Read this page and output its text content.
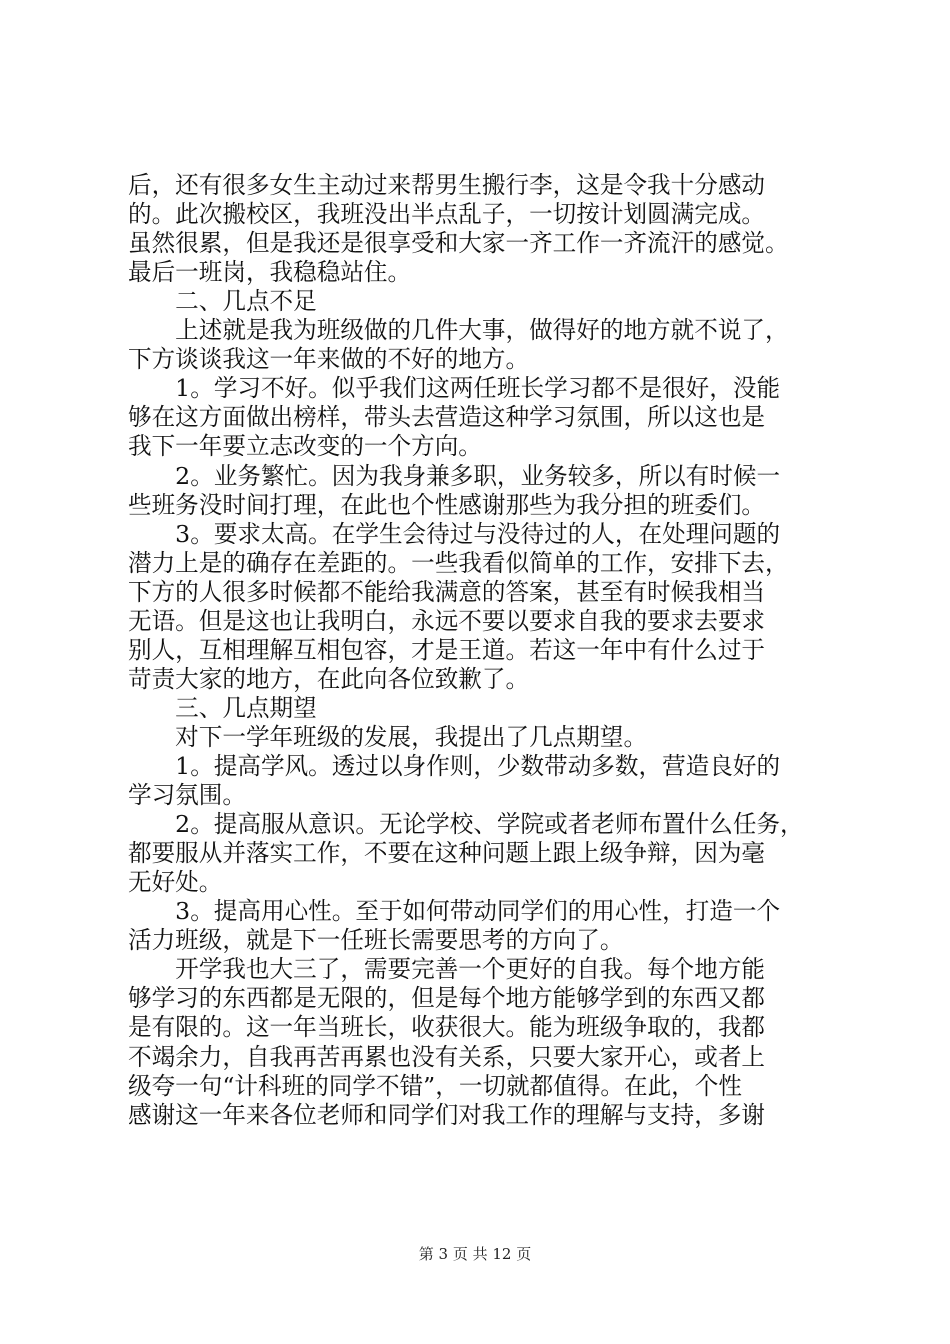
后，还有很多女生主动过来帮男生搬行李，这是令我十分感动
的。此次搬校区，我班没出半点乱子，一切按计划圆满完成。
虽然很累，但是我还是很享受和大家一齐工作一齐流汗的感觉。
最后一班岗，我稳稳站住。
　　二、几点不足
　　上述就是我为班级做的几件大事，做得好的地方就不说了，
下方谈谈我这一年来做的不好的地方。
　　1。学习不好。似乎我们这两任班长学习都不是很好，没能
够在这方面做出榜样，带头去营造这种学习氛围，所以这也是
我下一年要立志改变的一个方向。
　　2。业务繁忙。因为我身兼多职，业务较多，所以有时候一
些班务没时间打理，在此也个性感谢那些为我分担的班委们。
　　3。要求太高。在学生会待过与没待过的人，在处理问题的
潜力上是的确存在差距的。一些我看似简单的工作，安排下去，
下方的人很多时候都不能给我满意的答案，甚至有时候我相当
无语。但是这也让我明白，永远不要以要求自我的要求去要求
别人，互相理解互相包容，才是王道。若这一年中有什么过于
苛责大家的地方，在此向各位致歉了。
　　三、几点期望
　　对下一学年班级的发展，我提出了几点期望。
　　1。提高学风。透过以身作则，少数带动多数，营造良好的
学习氛围。
　　2。提高服从意识。无论学校、学院或者老师布置什么任务，
都要服从并落实工作，不要在这种问题上跟上级争辩，因为毫
无好处。
　　3。提高用心性。至于如何带动同学们的用心性，打造一个
活力班级，就是下一任班长需要思考的方向了。
　　开学我也大三了，需要完善一个更好的自我。每个地方能
够学习的东西都是无限的，但是每个地方能够学到的东西又都
是有限的。这一年当班长，收获很大。能为班级争取的，我都
不竭余力，自我再苦再累也没有关系，只要大家开心，或者上
级夸一句“计科班的同学不错”，一切就都值得。在此，个性
感谢这一年来各位老师和同学们对我工作的理解与支持，多谢
第 3 页 共 12 页
